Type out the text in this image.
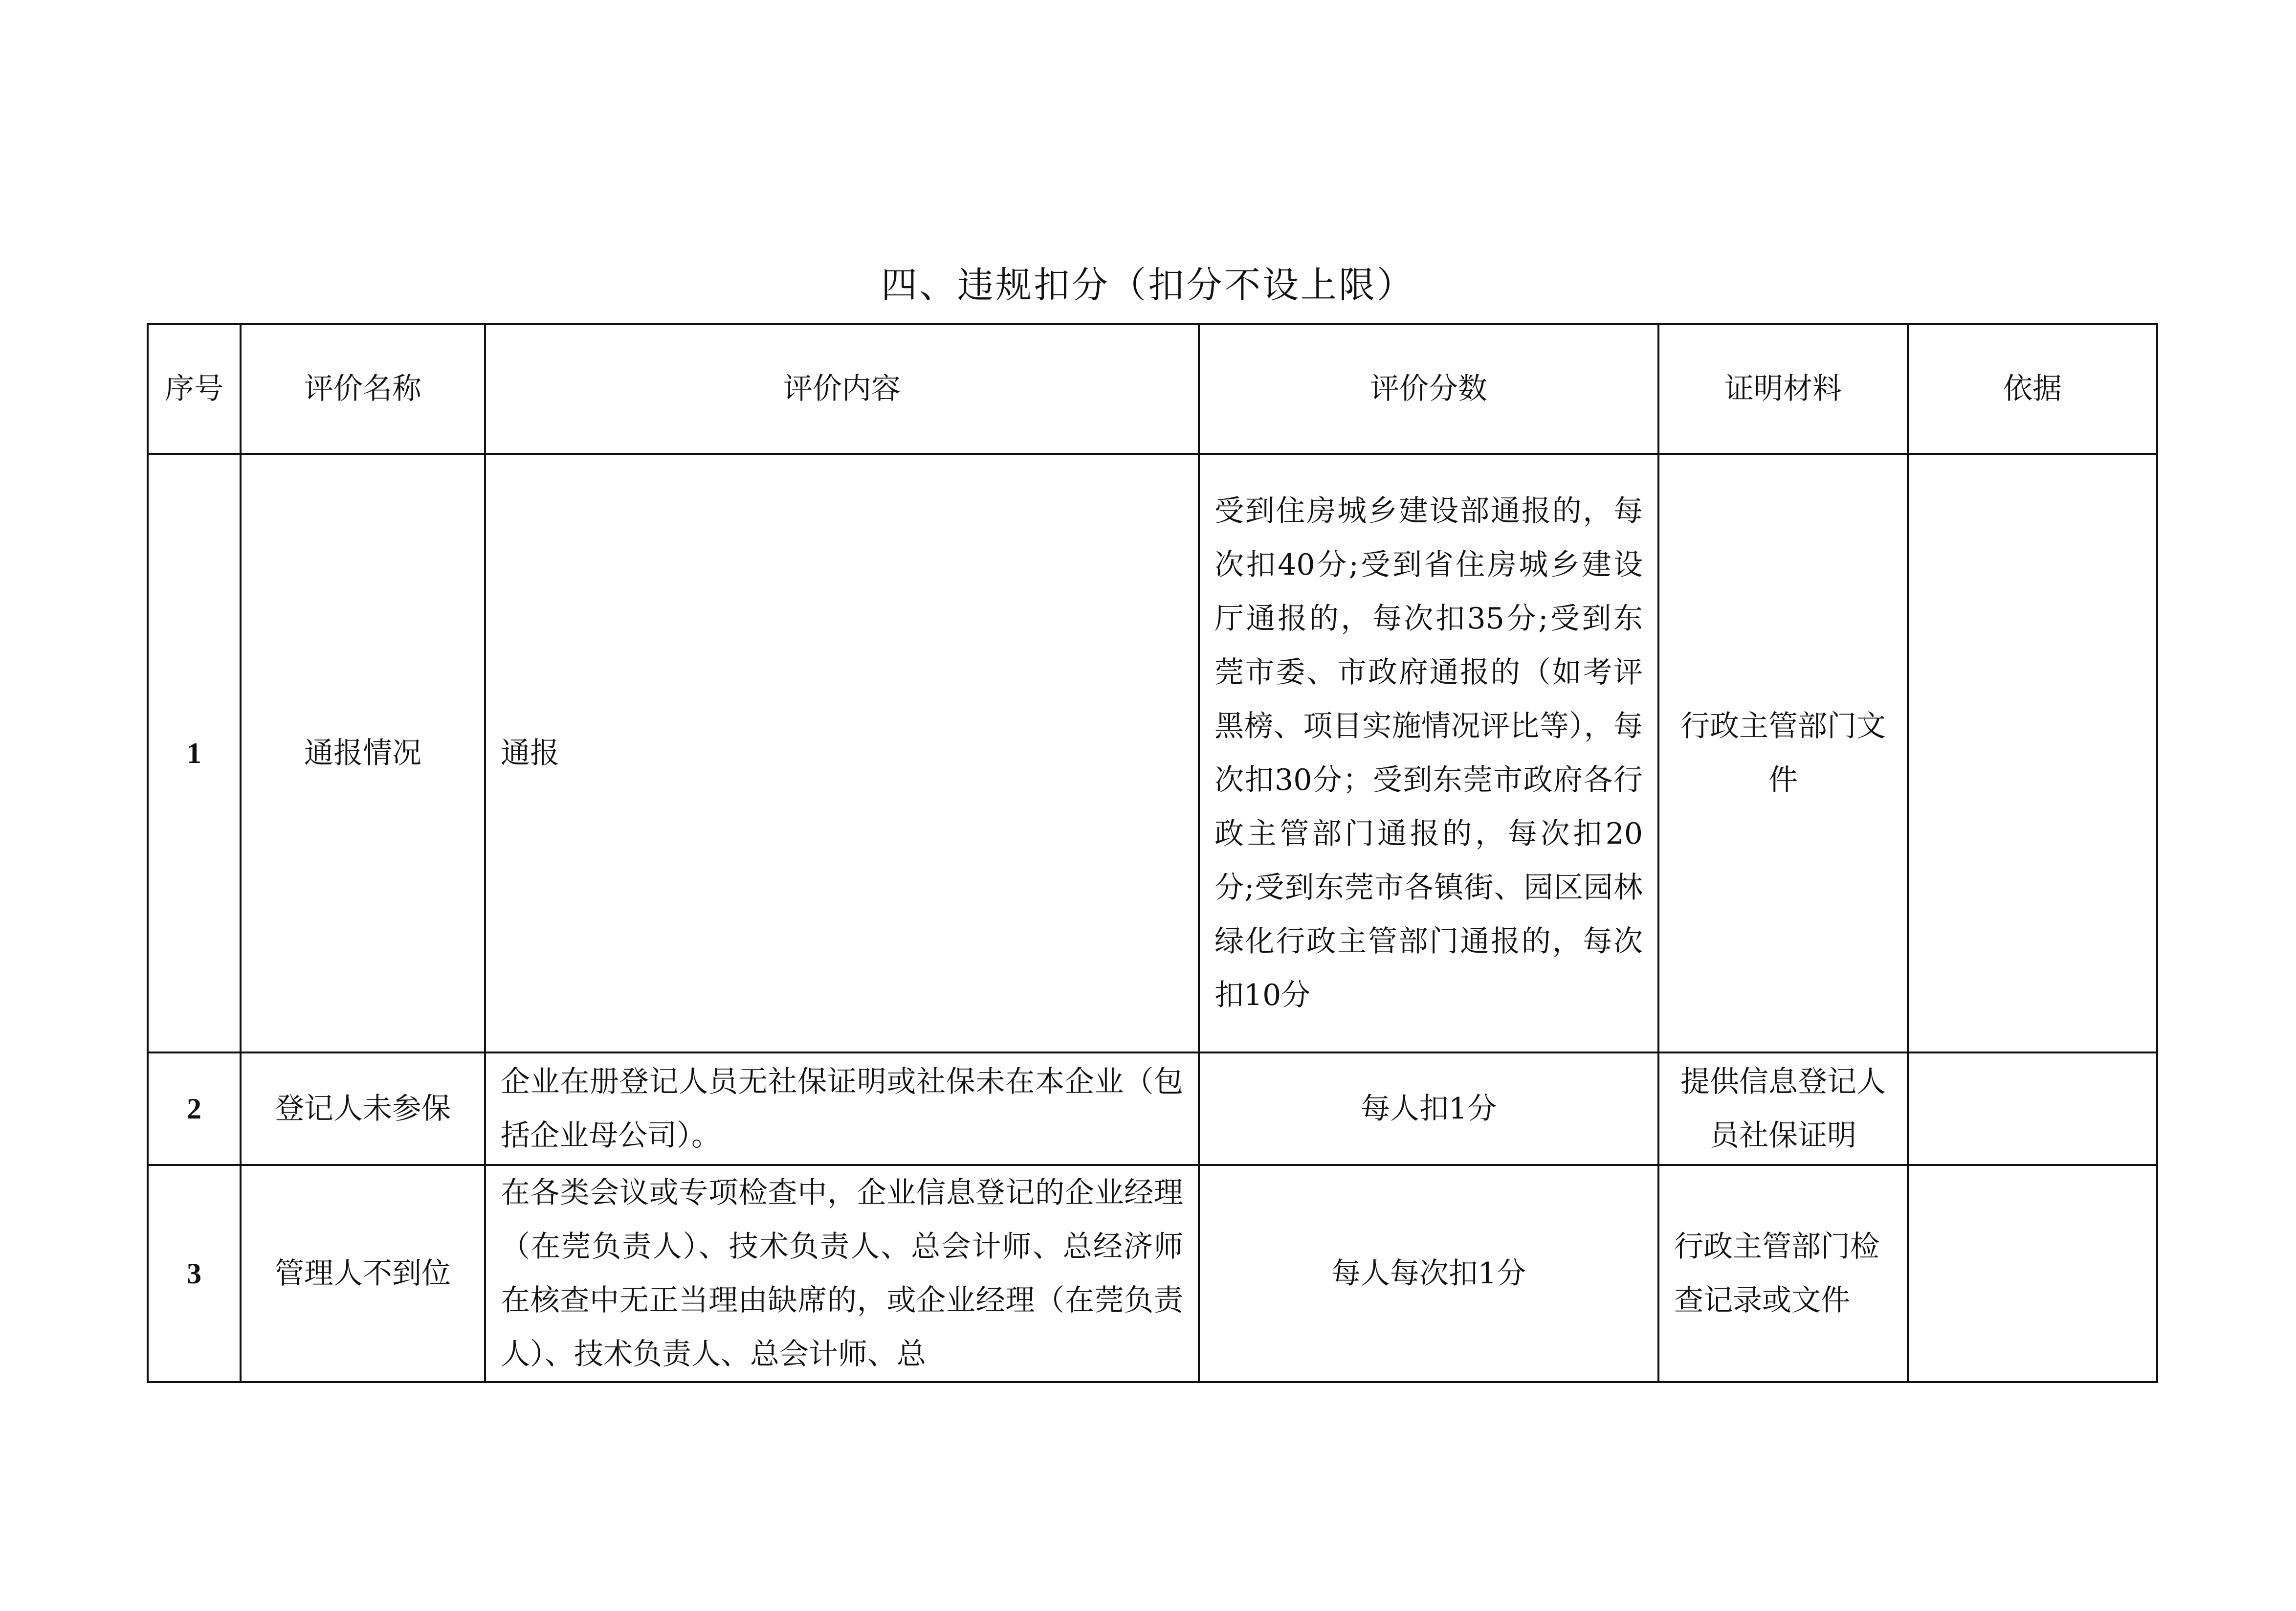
四、违规扣分（扣分不设上限）
序号	评价名称	评价内容	评价分数	证明材料	依据
1	通报情况	通报	受到住房城乡建设部通报的，每次扣40分;受到省住房城乡建设厅通报的，每次扣35分;受到东莞市委、市政府通报的（如考评黑榜、项目实施情况评比等），每次扣30分；受到东莞市政府各行政主管部门通报的，每次扣20分;受到东莞市各镇街、园区园林绿化行政主管部门通报的，每次扣10分	行政主管部门文件	
2	登记人未参保	企业在册登记人员无社保证明或社保未在本企业（包括企业母公司）。	每人扣1分	提供信息登记人员社保证明	
3	管理人不到位	在各类会议或专项检查中，企业信息登记的企业经理（在莞负责人）、技术负责人、总会计师、总经济师在核查中无正当理由缺席的，或企业经理（在莞负责人）、技术负责人、总会计师、总	每人每次扣1分	行政主管部门检查记录或文件	
